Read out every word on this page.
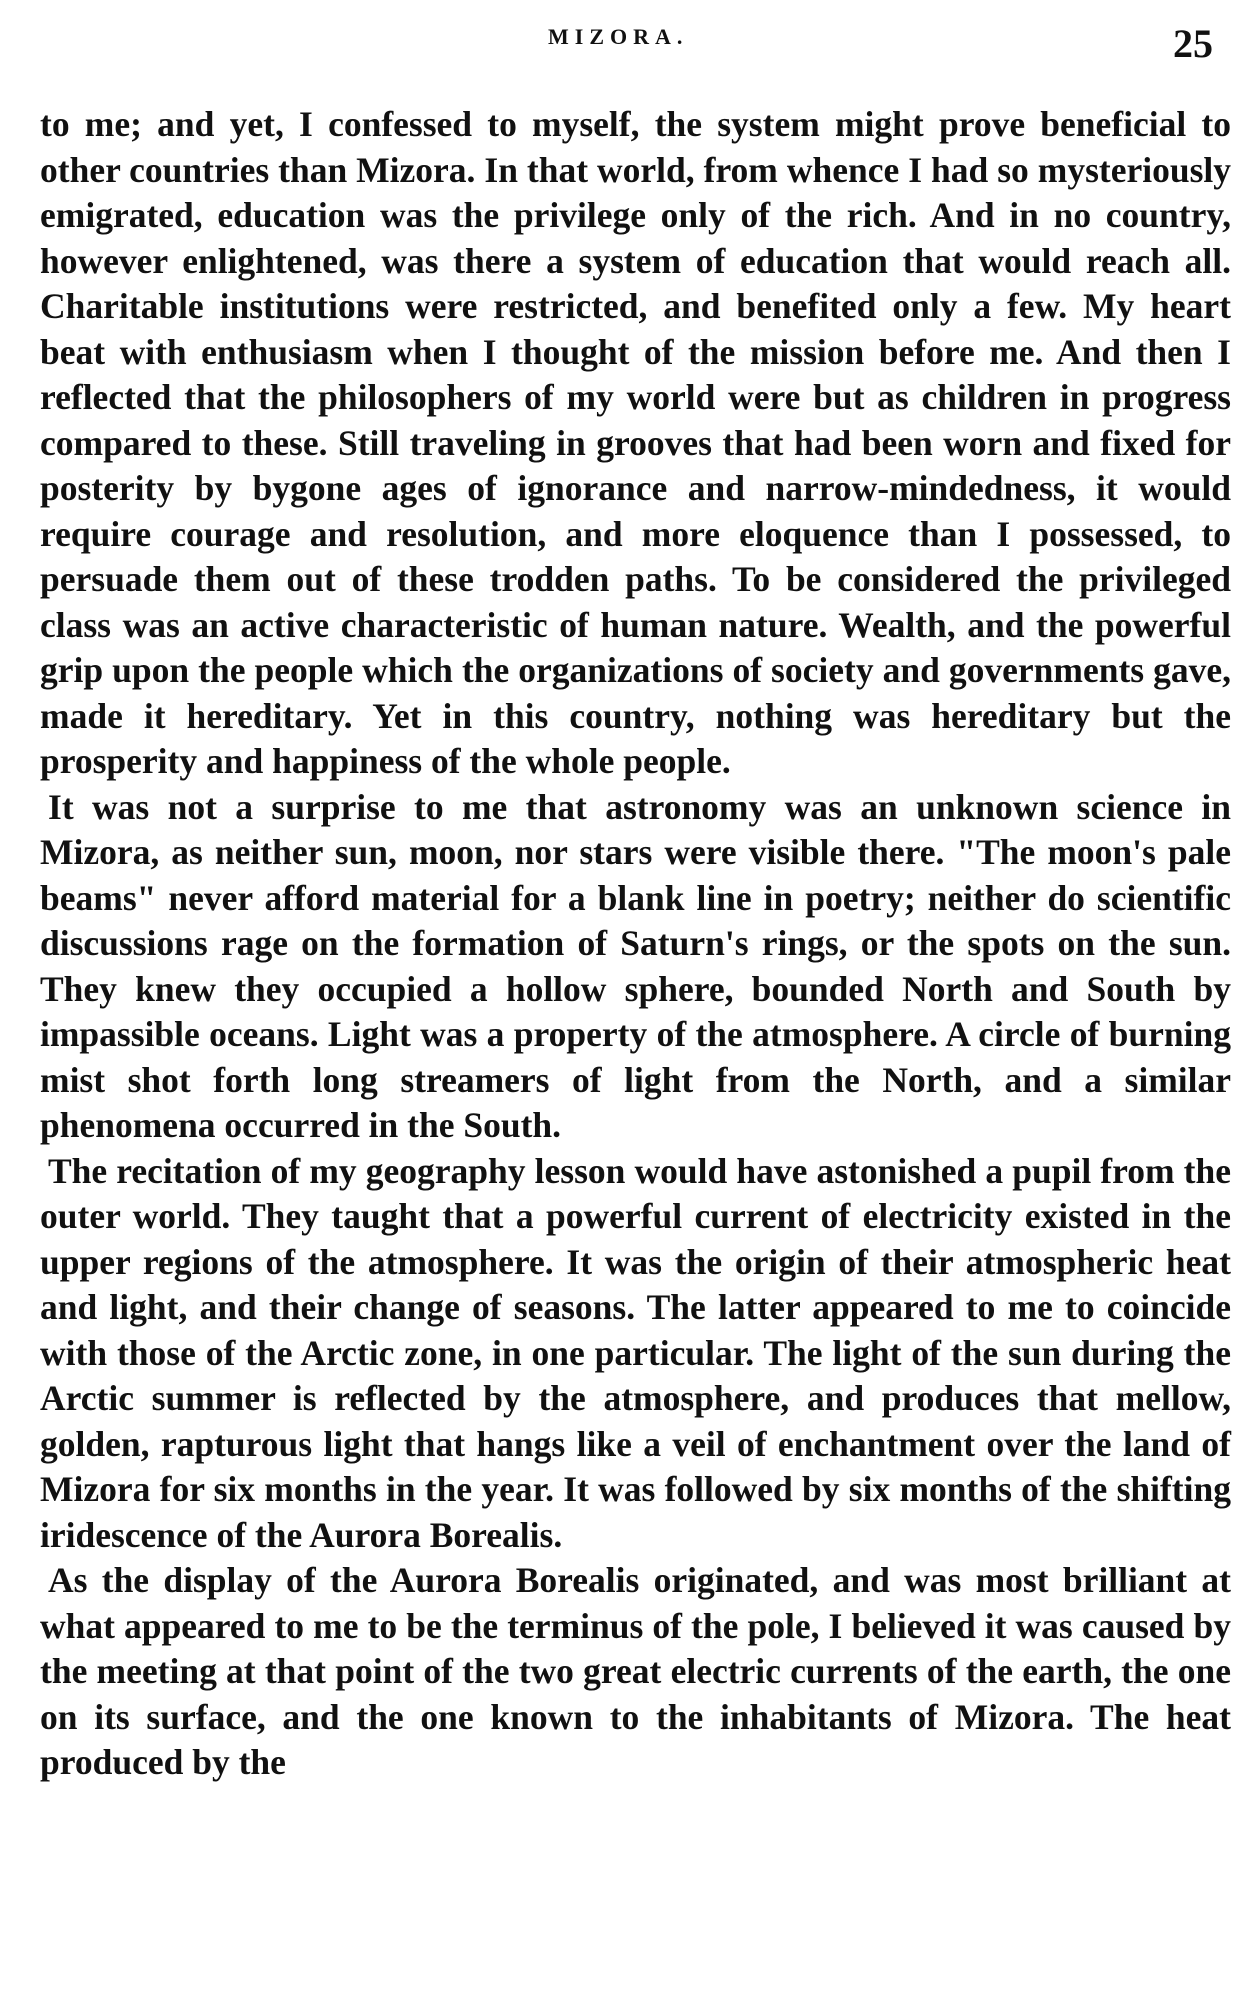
MIZORA.	25

to me; and yet, I confessed to myself, the system might prove beneficial to other countries than Mizora. In that world, from whence I had so mysteriously emigrated, education was the privilege only of the rich. And in no country, however enlightened, was there a system of education that would reach all. Charitable institutions were restricted, and benefited only a few. My heart beat with enthusiasm when I thought of the mission before me. And then I reflected that the philosophers of my world were but as children in progress compared to these. Still traveling in grooves that had been worn and fixed for posterity by bygone ages of ignorance and narrow-mindedness, it would require courage and resolution, and more eloquence than I possessed, to persuade them out of these trodden paths. To be considered the privileged class was an active characteristic of human nature. Wealth, and the powerful grip upon the people which the organizations of society and governments gave, made it hereditary. Yet in this country, nothing was hereditary but the prosperity and happiness of the whole people.

It was not a surprise to me that astronomy was an unknown science in Mizora, as neither sun, moon, nor stars were visible there. "The moon's pale beams" never afford material for a blank line in poetry; neither do scientific discussions rage on the formation of Saturn's rings, or the spots on the sun. They knew they occupied a hollow sphere, bounded North and South by impassible oceans. Light was a property of the atmosphere. A circle of burning mist shot forth long streamers of light from the North, and a similar phenomena occurred in the South.

The recitation of my geography lesson would have astonished a pupil from the outer world. They taught that a powerful current of electricity existed in the upper regions of the atmosphere. It was the origin of their atmospheric heat and light, and their change of seasons. The latter appeared to me to coincide with those of the Arctic zone, in one particular. The light of the sun during the Arctic summer is reflected by the atmosphere, and produces that mellow, golden, rapturous light that hangs like a veil of enchantment over the land of Mizora for six months in the year. It was followed by six months of the shifting iridescence of the Aurora Borealis.

As the display of the Aurora Borealis originated, and was most brilliant at what appeared to me to be the terminus of the pole, I believed it was caused by the meeting at that point of the two great electric currents of the earth, the one on its surface, and the one known to the inhabitants of Mizora. The heat produced by the
